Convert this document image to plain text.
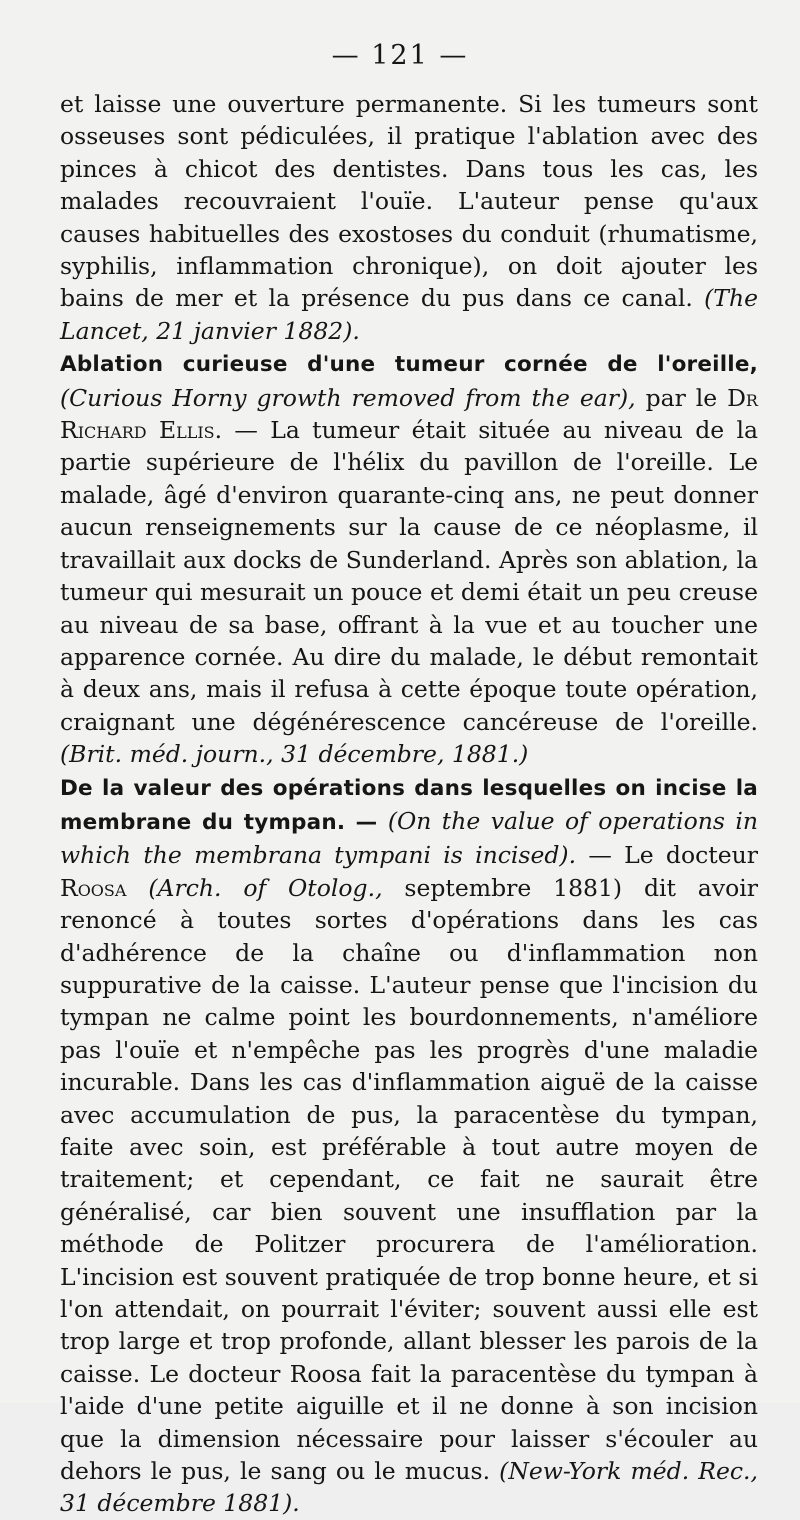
— 121 —

et laisse une ouverture permanente. Si les tumeurs sont osseuses sont pédiculées, il pratique l'ablation avec des pinces à chicot des dentistes. Dans tous les cas, les malades recouvraient l'ouïe. L'auteur pense qu'aux causes habituelles des exostoses du conduit (rhumatisme, syphilis, inflammation chronique), on doit ajouter les bains de mer et la présence du pus dans ce canal. (The Lancet, 21 janvier 1882).

Ablation curieuse d'une tumeur cornée de l'oreille, (Curious Horny growth removed from the ear), par le Dr Richard Ellis. — La tumeur était située au niveau de la partie supérieure de l'hélix du pavillon de l'oreille. Le malade, âgé d'environ quarante-cinq ans, ne peut donner aucun renseignements sur la cause de ce néoplasme, il travaillait aux docks de Sunderland. Après son ablation, la tumeur qui mesurait un pouce et demi était un peu creuse au niveau de sa base, offrant à la vue et au toucher une apparence cornée. Au dire du malade, le début remontait à deux ans, mais il refusa à cette époque toute opération, craignant une dégénérescence cancéreuse de l'oreille. (Brit. méd. journ., 31 décembre, 1881.)

De la valeur des opérations dans lesquelles on incise la membrane du tympan. — (On the value of operations in which the membrana tympani is incised). — Le docteur Roosa (Arch. of Otolog., septembre 1881) dit avoir renoncé à toutes sortes d'opérations dans les cas d'adhérence de la chaîne ou d'inflammation non suppurative de la caisse. L'auteur pense que l'incision du tympan ne calme point les bourdonnements, n'améliore pas l'ouïe et n'empêche pas les progrès d'une maladie incurable. Dans les cas d'inflammation aiguë de la caisse avec accumulation de pus, la paracentèse du tympan, faite avec soin, est préférable à tout autre moyen de traitement; et cependant, ce fait ne saurait être généralisé, car bien souvent une insufflation par la méthode de Politzer procurera de l'amélioration. L'incision est souvent pratiquée de trop bonne heure, et si l'on attendait, on pourrait l'éviter; souvent aussi elle est trop large et trop profonde, allant blesser les parois de la caisse. Le docteur Roosa fait la paracentèse du tympan à l'aide d'une petite aiguille et il ne donne à son incision que la dimension nécessaire pour laisser s'écouler au dehors le pus, le sang ou le mucus. (New-York méd. Rec., 31 décembre 1881).
